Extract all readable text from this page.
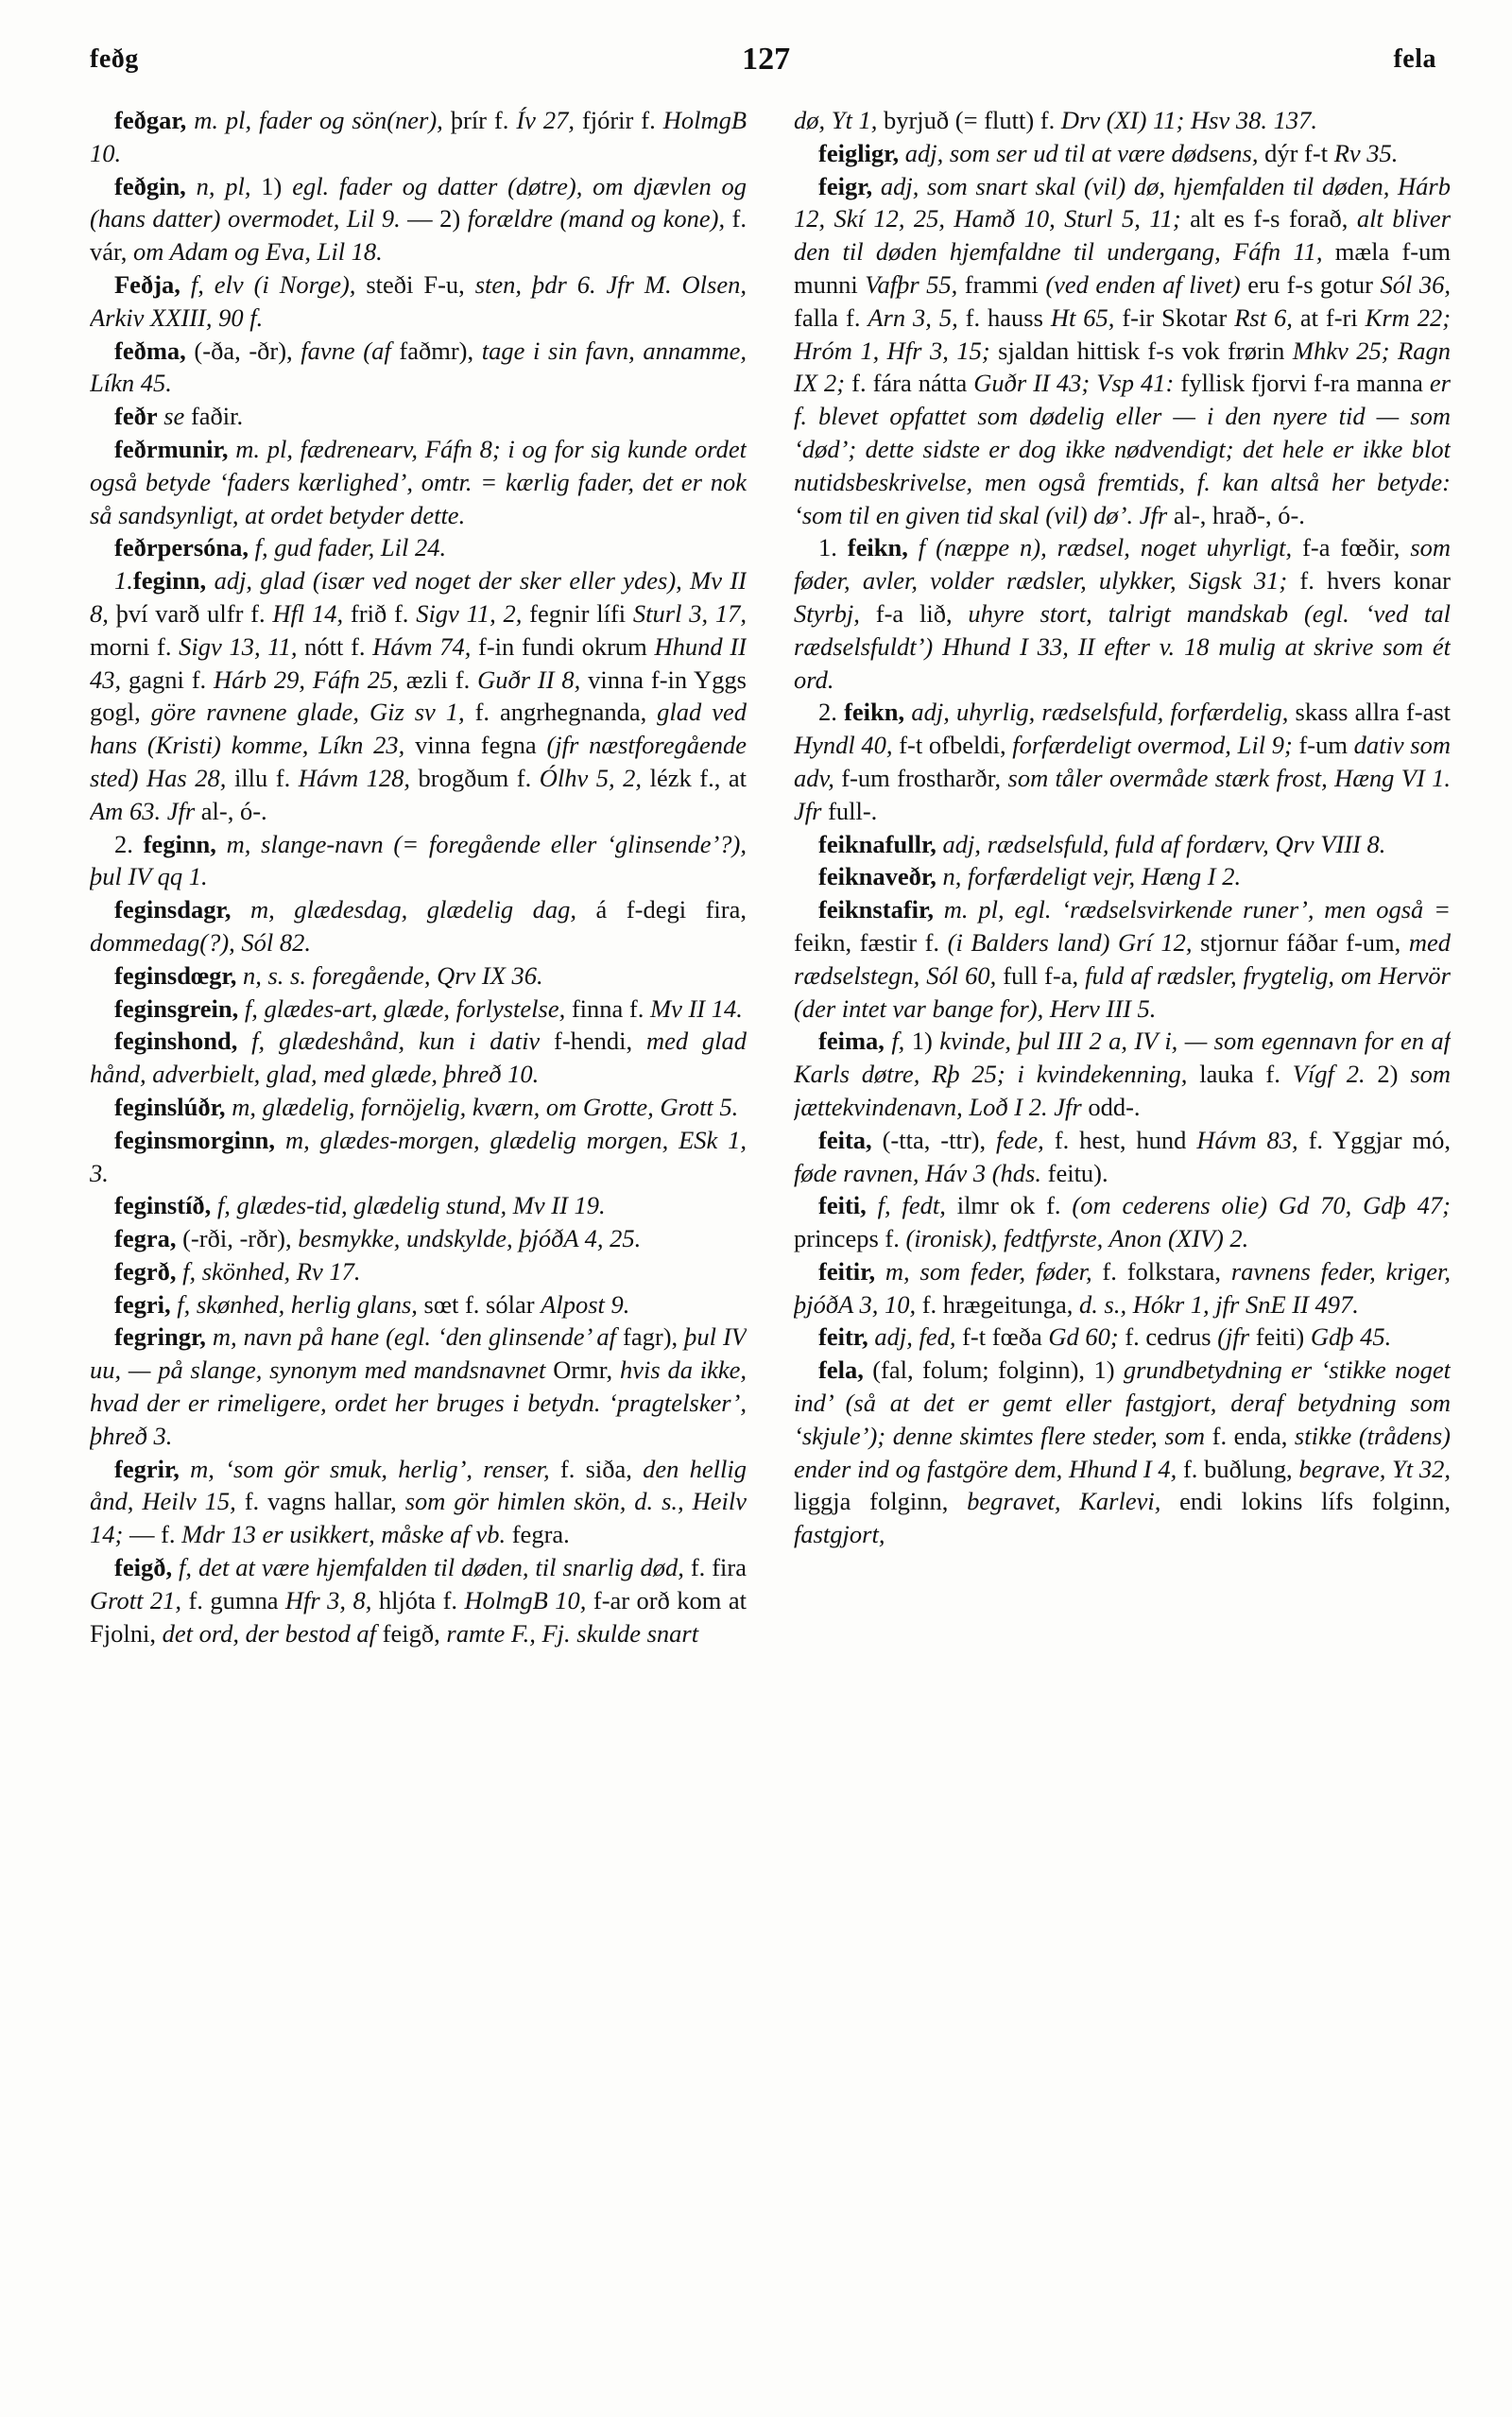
feðg	127	fela

feðgar, m. pl, fader og sön(ner), þrír f. Ív 27, fjórir f. HolmgB 10.

feðgin, n, pl, 1) egl. fader og datter (døtre), om djævlen og (hans datter) overmodet, Lil 9. — 2) forældre (mand og kone), f. vár, om Adam og Eva, Lil 18.

Feðja, f, elv (i Norge), steði F-u, sten, þdr 6. Jfr M. Olsen, Arkiv XXIII, 90 f.

feðma, (-ða, -ðr), favne (af faðmr), tage i sin favn, annamme, Líkn 45.

feðr se faðir.

feðrmunir, m. pl, fædrenearv, Fáfn 8; i og for sig kunde ordet også betyde ‘faders kærlighed’, omtr. = kærlig fader, det er nok så sandsynligt, at ordet betyder dette.

feðrpersóna, f, gud fader, Lil 24.

1.feginn, adj, glad (især ved noget der sker eller ydes), Mv II 8, því varð ulfr f. Hfl 14, frið f. Sigv 11, 2, fegnir lífi Sturl 3, 17, morni f. Sigv 13, 11, nótt f. Hávm 74, f-in fundi okrum Hhund II 43, gagni f. Hárb 29, Fáfn 25, æzli f. Guðr II 8, vinna f-in Yggs gogl, göre ravnene glade, Giz sv 1, f. angrhegnanda, glad ved hans (Kristi) komme, Líkn 23, vinna fegna (jfr næstforegående sted) Has 28, illu f. Hávm 128, brogðum f. Ólhv 5, 2, lézk f., at Am 63. Jfr al-, ó-.

2. feginn, m, slange-navn (= foregående eller ‘glinsende’?), þul IV qq 1.

feginsdagr, m, glædesdag, glædelig dag, á f-degi fira, dommedag(?), Sól 82.

feginsdœgr, n, s. s. foregående, Qrv IX 36.

feginsgrein, f, glædes-art, glæde, forlystelse, finna f. Mv II 14.

feginshond, f, glædeshånd, kun i dativ f-hendi, med glad hånd, adverbielt, glad, med glæde, þhreð 10.

feginslúðr, m, glædelig, fornöjelig, kværn, om Grotte, Grott 5.

feginsmorginn, m, glædes-morgen, glædelig morgen, ESk 1, 3.

feginstíð, f, glædes-tid, glædelig stund, Mv II 19.

fegra, (-rði, -rðr), besmykke, undskylde, þjóðA 4, 25.

fegrð, f, skönhed, Rv 17.

fegri, f, skønhed, herlig glans, sœt f. sólar Alpost 9.

fegringr, m, navn på hane (egl. ‘den glinsende’ af fagr), þul IV uu, — på slange, synonym med mandsnavnet Ormr, hvis da ikke, hvad der er rimeligere, ordet her bruges i betydn. ‘pragtelsker’, þhreð 3.

fegrir, m, ‘som gör smuk, herlig’, renser, f. siða, den hellig ånd, Heilv 15, f. vagns hallar, som gör himlen skön, d. s., Heilv 14; — f. Mdr 13 er usikkert, måske af vb. fegra.

feigð, f, det at være hjemfalden til døden, til snarlig død, f. fira Grott 21, f. gumna Hfr 3, 8, hljóta f. HolmgB 10, f-ar orð kom at Fjolni, det ord, der bestod af feigð, ramte F., Fj. skulde snart

dø, Yt 1, byrjuð (= flutt) f. Drv (XI) 11; Hsv 38. 137.

feigligr, adj, som ser ud til at være dødsens, dýr f-t Rv 35.

feigr, adj, som snart skal (vil) dø, hjemfalden til døden, Hárb 12, Skí 12, 25, Hamð 10, Sturl 5, 11; alt es f-s forað, alt bliver den til døden hjemfaldne til undergang, Fáfn 11, mæla f-um munni Vafþr 55, frammi (ved enden af livet) eru f-s gotur Sól 36, falla f. Arn 3, 5, f. hauss Ht 65, f-ir Skotar Rst 6, at f-ri Krm 22; Hróm 1, Hfr 3, 15; sjaldan hittisk f-s vok frørin Mhkv 25; Ragn IX 2; f. fára nátta Guðr II 43; Vsp 41: fyllisk fjorvi f-ra manna er f. blevet opfattet som dødelig eller — i den nyere tid — som ‘død’; dette sidste er dog ikke nødvendigt; det hele er ikke blot nutidsbeskrivelse, men også fremtids, f. kan altså her betyde: ‘som til en given tid skal (vil) dø’. Jfr al-, hrað-, ó-.

1. feikn, f (næppe n), rædsel, noget uhyrligt, f-a fœðir, som føder, avler, volder rædsler, ulykker, Sigsk 31; f. hvers konar Styrbj, f-a lið, uhyre stort, talrigt mandskab (egl. ‘ved tal rædselsfuldt’) Hhund I 33, II efter v. 18 mulig at skrive som ét ord.

2. feikn, adj, uhyrlig, rædselsfuld, forfærdelig, skass allra f-ast Hyndl 40, f-t ofbeldi, forfærdeligt overmod, Lil 9; f-um dativ som adv, f-um frostharðr, som tåler overmåde stærk frost, Hæng VI 1. Jfr full-.

feiknafullr, adj, rædselsfuld, fuld af fordærv, Qrv VIII 8.

feiknaveðr, n, forfærdeligt vejr, Hæng I 2.

feiknstafir, m. pl, egl. ‘rædselsvirkende runer’, men også = feikn, fæstir f. (i Balders land) Grí 12, stjornur fáðar f-um, med rædselstegn, Sól 60, full f-a, fuld af rædsler, frygtelig, om Hervör (der intet var bange for), Herv III 5.

feima, f, 1) kvinde, þul III 2 a, IV i, — som egennavn for en af Karls døtre, Rþ 25; i kvindekenning, lauka f. Vígf 2. 2) som jættekvindenavn, Loð I 2. Jfr odd-.

feita, (-tta, -ttr), fede, f. hest, hund Hávm 83, f. Yggjar mó, føde ravnen, Háv 3 (hds. feitu).

feiti, f, fedt, ilmr ok f. (om cederens olie) Gd 70, Gdþ 47; princeps f. (ironisk), fedtfyrste, Anon (XIV) 2.

feitir, m, som feder, føder, f. folkstara, ravnens feder, kriger, þjóðA 3, 10, f. hrægeitunga, d. s., Hókr 1, jfr SnE II 497.

feitr, adj, fed, f-t fœða Gd 60; f. cedrus (jfr feiti) Gdþ 45.

fela, (fal, folum; folginn), 1) grundbetydning er ‘stikke noget ind’ (så at det er gemt eller fastgjort, deraf betydning som ‘skjule’); denne skimtes flere steder, som f. enda, stikke (trådens) ender ind og fastgöre dem, Hhund I 4, f. buðlung, begrave, Yt 32, liggja folginn, begravet, Karlevi, endi lokins lífs folginn, fastgjort,
